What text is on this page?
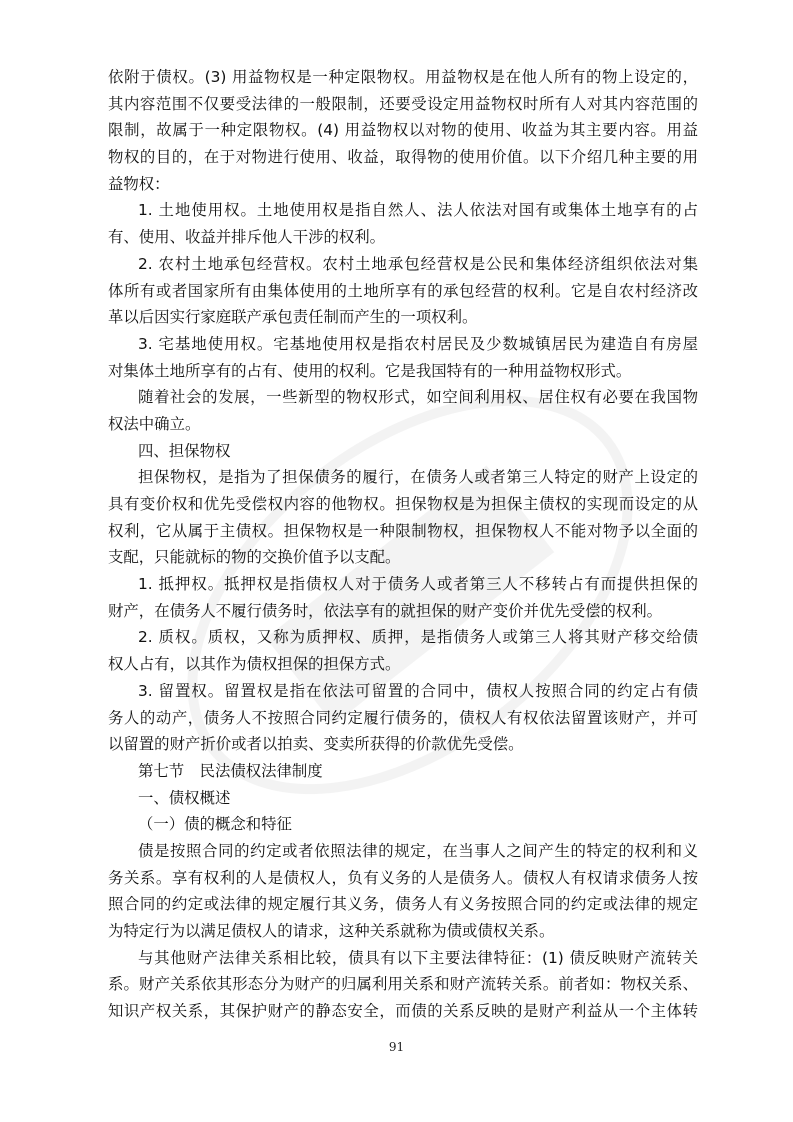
依附于债权。(3) 用益物权是一种定限物权。用益物权是在他人所有的物上设定的，
其内容范围不仅要受法律的一般限制，还要受设定用益物权时所有人对其内容范围的
限制，故属于一种定限物权。(4) 用益物权以对物的使用、收益为其主要内容。用益
物权的目的，在于对物进行使用、收益，取得物的使用价值。以下介绍几种主要的用
益物权：
1. 土地使用权。土地使用权是指自然人、法人依法对国有或集体土地享有的占
有、使用、收益并排斥他人干涉的权利。
2. 农村土地承包经营权。农村土地承包经营权是公民和集体经济组织依法对集
体所有或者国家所有由集体使用的土地所享有的承包经营的权利。它是自农村经济改
革以后因实行家庭联产承包责任制而产生的一项权利。
3. 宅基地使用权。宅基地使用权是指农村居民及少数城镇居民为建造自有房屋
对集体土地所享有的占有、使用的权利。它是我国特有的一种用益物权形式。
随着社会的发展，一些新型的物权形式，如空间利用权、居住权有必要在我国物
权法中确立。
四、担保物权
担保物权，是指为了担保债务的履行，在债务人或者第三人特定的财产上设定的
具有变价权和优先受偿权内容的他物权。担保物权是为担保主债权的实现而设定的从
权利，它从属于主债权。担保物权是一种限制物权，担保物权人不能对物予以全面的
支配，只能就标的物的交换价值予以支配。
1. 抵押权。抵押权是指债权人对于债务人或者第三人不移转占有而提供担保的
财产，在债务人不履行债务时，依法享有的就担保的财产变价并优先受偿的权利。
2. 质权。质权，又称为质押权、质押，是指债务人或第三人将其财产移交给债
权人占有，以其作为债权担保的担保方式。
3. 留置权。留置权是指在依法可留置的合同中，债权人按照合同的约定占有债
务人的动产，债务人不按照合同约定履行债务的，债权人有权依法留置该财产，并可
以留置的财产折价或者以拍卖、变卖所获得的价款优先受偿。
第七节　民法债权法律制度
一、债权概述
（一）债的概念和特征
债是按照合同的约定或者依照法律的规定，在当事人之间产生的特定的权利和义
务关系。享有权利的人是债权人，负有义务的人是债务人。债权人有权请求债务人按
照合同的约定或法律的规定履行其义务，债务人有义务按照合同的约定或法律的规定
为特定行为以满足债权人的请求，这种关系就称为债或债权关系。
与其他财产法律关系相比较，债具有以下主要法律特征：(1) 债反映财产流转关
系。财产关系依其形态分为财产的归属利用关系和财产流转关系。前者如：物权关系、
知识产权关系，其保护财产的静态安全，而债的关系反映的是财产利益从一个主体转
91
